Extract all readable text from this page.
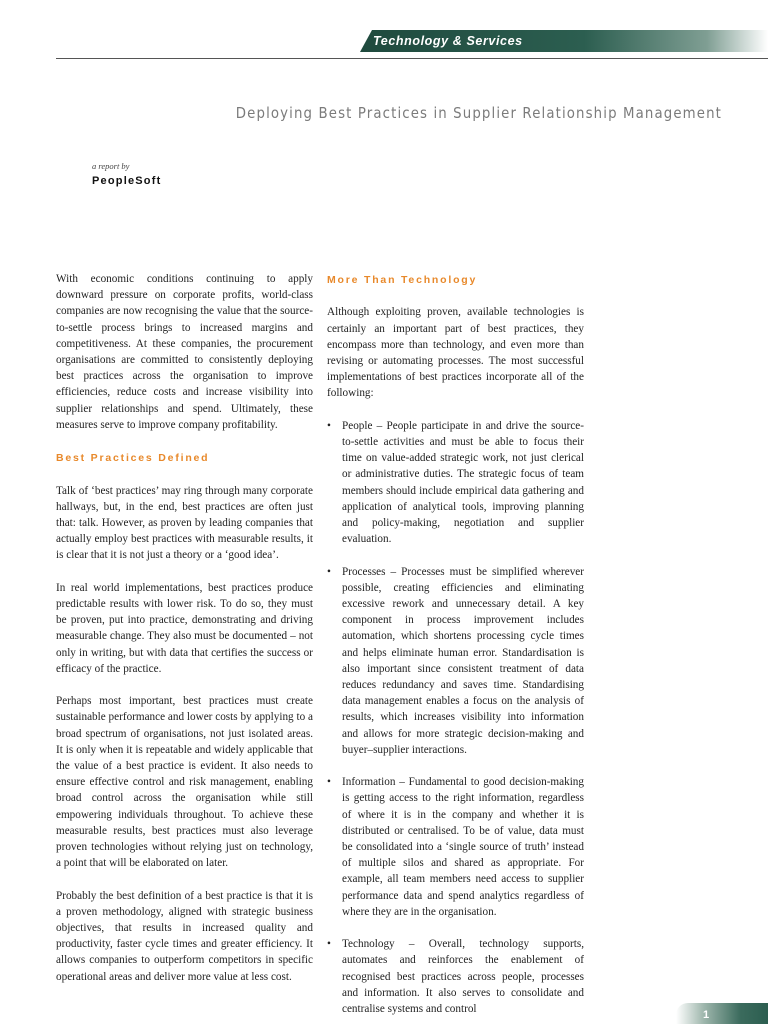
Technology & Services
Deploying Best Practices in Supplier Relationship Management
a report by
PeopleSoft

With economic conditions continuing to apply downward pressure on corporate profits, world-class companies are now recognising the value that the source-to-settle process brings to increased margins and competitiveness. At these companies, the procurement organisations are committed to consistently deploying best practices across the organisation to improve efficiencies, reduce costs and increase visibility into supplier relationships and spend. Ultimately, these measures serve to improve company profitability.

Best Practices Defined

Talk of ‘best practices’ may ring through many corporate hallways, but, in the end, best practices are often just that: talk. However, as proven by leading companies that actually employ best practices with measurable results, it is clear that it is not just a theory or a ‘good idea’.

In real world implementations, best practices produce predictable results with lower risk. To do so, they must be proven, put into practice, demonstrating and driving measurable change. They also must be documented – not only in writing, but with data that certifies the success or efficacy of the practice.

Perhaps most important, best practices must create sustainable performance and lower costs by applying to a broad spectrum of organisations, not just isolated areas. It is only when it is repeatable and widely applicable that the value of a best practice is evident. It also needs to ensure effective control and risk management, enabling broad control across the organisation while still empowering individuals throughout. To achieve these measurable results, best practices must also leverage proven technologies without relying just on technology, a point that will be elaborated on later.

Probably the best definition of a best practice is that it is a proven methodology, aligned with strategic business objectives, that results in increased quality and productivity, faster cycle times and greater efficiency. It allows companies to outperform competitors in specific operational areas and deliver more value at less cost.

More Than Technology

Although exploiting proven, available technologies is certainly an important part of best practices, they encompass more than technology, and even more than revising or automating processes. The most successful implementations of best practices incorporate all of the following:

• People – People participate in and drive the source-to-settle activities and must be able to focus their time on value-added strategic work, not just clerical or administrative duties. The strategic focus of team members should include empirical data gathering and application of analytical tools, improving planning and policy-making, negotiation and supplier evaluation.
• Processes – Processes must be simplified wherever possible, creating efficiencies and eliminating excessive rework and unnecessary detail. A key component in process improvement includes automation, which shortens processing cycle times and helps eliminate human error. Standardisation is also important since consistent treatment of data reduces redundancy and saves time. Standardising data management enables a focus on the analysis of results, which increases visibility into information and allows for more strategic decision-making and buyer–supplier interactions.
• Information – Fundamental to good decision-making is getting access to the right information, regardless of where it is in the company and whether it is distributed or centralised. To be of value, data must be consolidated into a ‘single source of truth’ instead of multiple silos and shared as appropriate. For example, all team members need access to supplier performance data and spend analytics regardless of where they are in the organisation.
• Technology – Overall, technology supports, automates and reinforces the enablement of recognised best practices across people, processes and information. It also serves to consolidate and centralise systems and control	1
